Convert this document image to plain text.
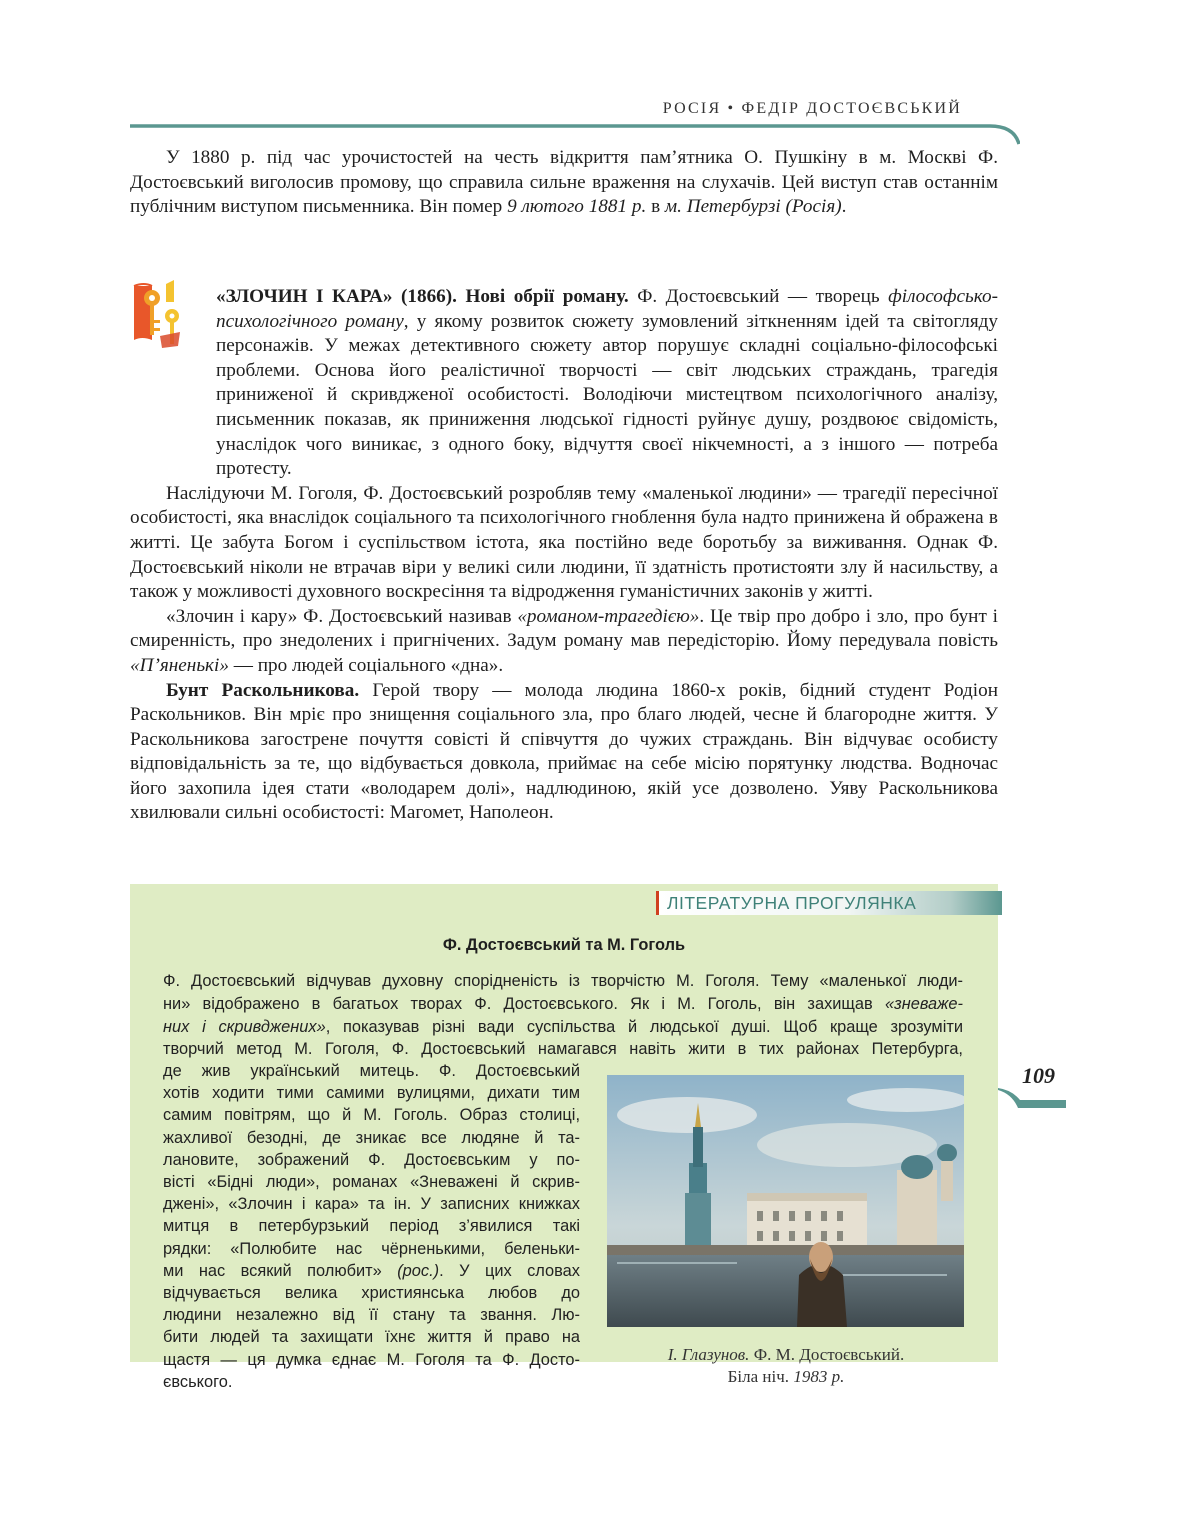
РОСІЯ • ФЕДІР ДОСТОЄВСЬКИЙ

У 1880 р. під час урочистостей на честь відкриття пам’ятника О. Пушкіну в м. Москві Ф. Достоєвський виголосив промову, що справила сильне враження на слухачів. Цей виступ став останнім публічним виступом письменника. Він помер 9 лютого 1881 р. в м. Петербурзі (Росія).

«ЗЛОЧИН І КАРА» (1866). Нові обрії роману. Ф. Достоєвський — творець філософсько-психологічного роману, у якому розвиток сюжету зумовлений зіткненням ідей та світогляду персонажів. У межах детективного сюжету автор порушує складні соціально-філософські проблеми. Основа його реалістичної творчості — світ людських страждань, трагедія приниженої й скривдженої особистості. Володіючи мистецтвом психологічного аналізу, письменник показав, як приниження людської гідності руйнує душу, роздвоює свідомість, унаслідок чого виникає, з одного боку, відчуття своєї нікчемності, а з іншого — потреба протесту.

Наслідуючи М. Гоголя, Ф. Достоєвський розробляв тему «маленької людини» — трагедії пересічної особистості, яка внаслідок соціального та психологічного гноблення була надто принижена й ображена в житті. Це забута Богом і суспільством істота, яка постійно веде боротьбу за виживання. Однак Ф. Достоєвський ніколи не втрачав віри у великі сили людини, її здатність протистояти злу й насильству, а також у можливості духовного воскресіння та відродження гуманістичних законів у житті.

«Злочин і кару» Ф. Достоєвський називав «романом-трагедією». Це твір про добро і зло, про бунт і смиренність, про знедолених і пригнічених. Задум роману мав передісторію. Йому передувала повість «П’яненькі» — про людей соціального «дна».

Бунт Раскольникова. Герой твору — молода людина 1860-х років, бідний студент Родіон Раскольников. Він мріє про знищення соціального зла, про благо людей, чесне й благородне життя. У Раскольникова загострене почуття совісті й співчуття до чужих страждань. Він відчуває особисту відповідальність за те, що відбувається довкола, приймає на себе місію порятунку людства. Водночас його захопила ідея стати «володарем долі», надлюдиною, якій усе дозволено. Уяву Раскольникова хвилювали сильні особистості: Магомет, Наполеон.

ЛІТЕРАТУРНА ПРОГУЛЯНКА
Ф. Достоєвський та М. Гоголь
Ф. Достоєвський відчував духовну спорідненість із творчістю М. Гоголя. Тему «маленької люди-
ни» відображено в багатьох творах Ф. Достоєвського. Як і М. Гоголь, він захищав «зневаже-
них і скривджених», показував різні вади суспільства й людської душі. Щоб краще зрозуміти
творчий метод М. Гоголя, Ф. Достоєвський намагався навіть жити в тих районах Петербурга,
де жив український митець. Ф. Достоєвський
хотів ходити тими самими вулицями, дихати тим
самим повітрям, що й М. Гоголь. Образ столиці,
жахливої безодні, де зникає все людяне й та-
лановите, зображений Ф. Достоєвським у по-
вісті «Бідні люди», романах «Зневажені й скрив-
джені», «Злочин і кара» та ін. У записних книжках
митця в петербурзький період з’явилися такі
рядки: «Полюбите нас чёрненькими, беленьки-
ми нас всякий полюбит» (рос.). У цих словах
відчувається велика християнська любов до
людини незалежно від її стану та звання. Лю-
бити людей та захищати їхнє життя й право на
щастя — ця думка єднає М. Гоголя та Ф. Досто-
євського.
І. Глазунов. Ф. М. Достоєвський.
Біла ніч. 1983 р.
109
